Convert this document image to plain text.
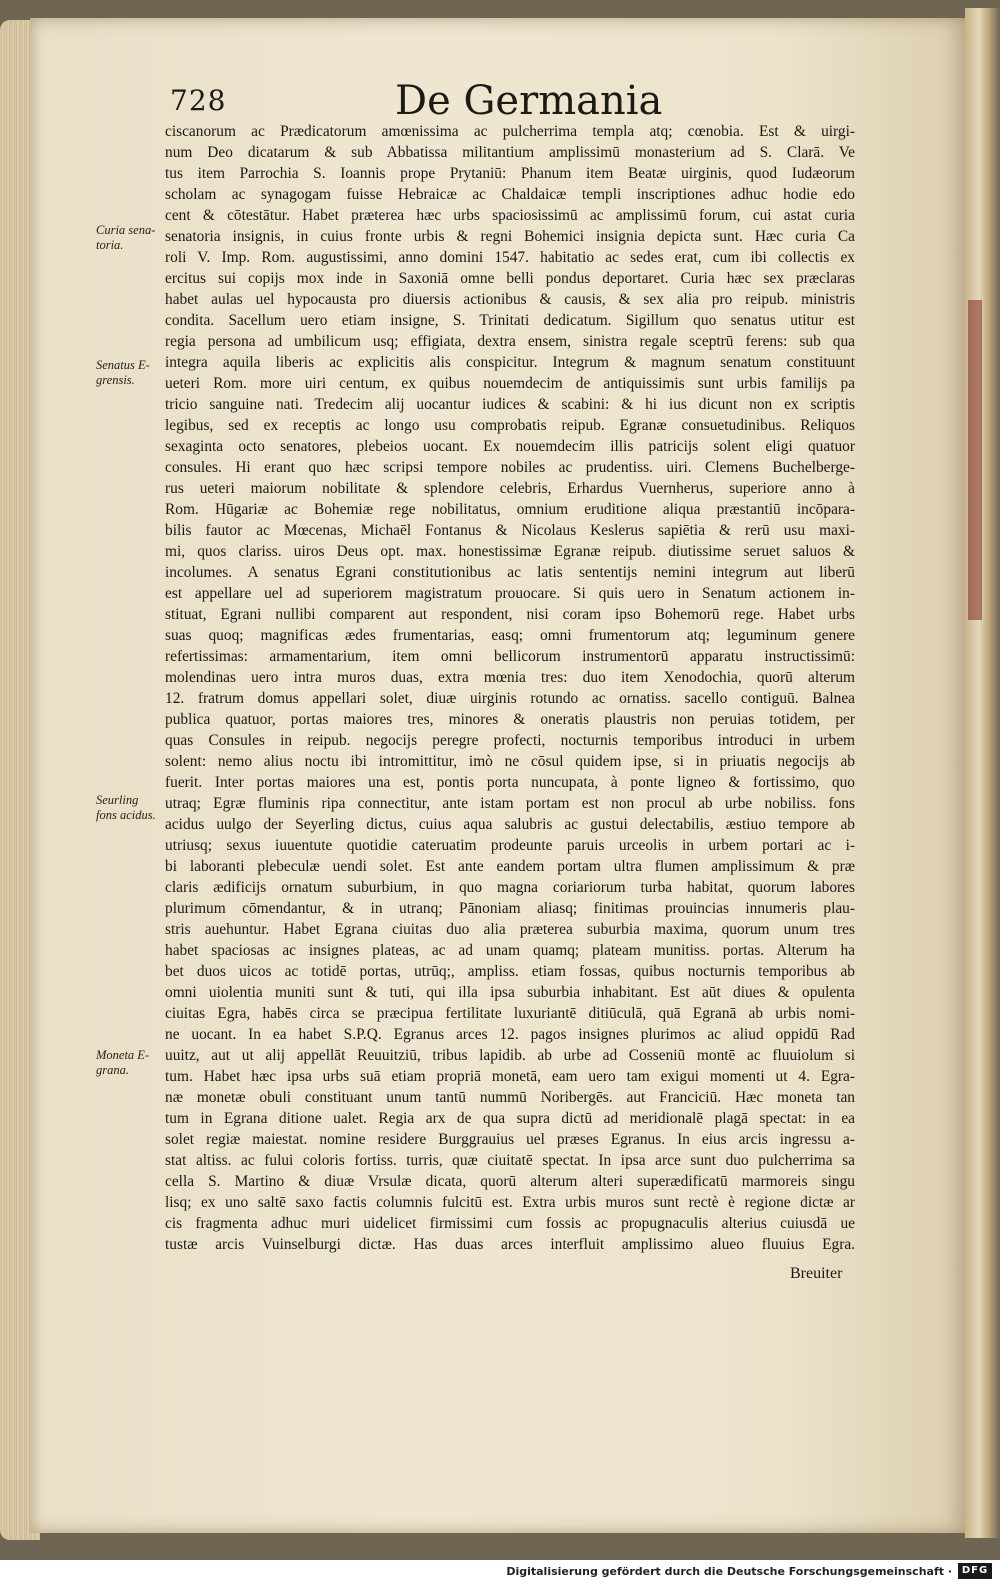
728	De Germania
Curia sena-
toria.
Senatus E-
grensis.
Seurling
fons acidus.
Moneta E-
grana.
ciscanorum ac Prædicatorum amœnissima ac pulcherrima templa atq; cœnobia. Est & uirgi-
num Deo dicatarum & sub Abbatissa militantium amplissimū monasterium ad S. Clarā. Ve
tus item Parrochia S. Ioannis prope Prytaniū: Phanum item Beatæ uirginis, quod Iudæorum
scholam ac synagogam fuisse Hebraicæ ac Chaldaicæ templi inscriptiones adhuc hodie edo
cent & cōtestātur. Habet præterea hæc urbs spaciosissimū ac amplissimū forum, cui astat curia
senatoria insignis, in cuius fronte urbis & regni Bohemici insignia depicta sunt. Hæc curia Ca
roli V. Imp. Rom. augustissimi, anno domini 1547. habitatio ac sedes erat, cum ibi collectis ex
ercitus sui copijs mox inde in Saxoniā omne belli pondus deportaret. Curia hæc sex præclaras
habet aulas uel hypocausta pro diuersis actionibus & causis, & sex alia pro reipub. ministris
condita. Sacellum uero etiam insigne, S. Trinitati dedicatum. Sigillum quo senatus utitur est
regia persona ad umbilicum usq; effigiata, dextra ensem, sinistra regale sceptrū ferens: sub qua
integra aquila liberis ac explicitis alis conspicitur. Integrum & magnum senatum constituunt
ueteri Rom. more uiri centum, ex quibus nouemdecim de antiquissimis sunt urbis familijs pa
tricio sanguine nati. Tredecim alij uocantur iudices & scabini: & hi ius dicunt non ex scriptis
legibus, sed ex receptis ac longo usu comprobatis reipub. Egranæ consuetudinibus. Reliquos
sexaginta octo senatores, plebeios uocant. Ex nouemdecim illis patricijs solent eligi quatuor
consules. Hi erant quo hæc scripsi tempore nobiles ac prudentiss. uiri. Clemens Buchelberge-
rus ueteri maiorum nobilitate & splendore celebris, Erhardus Vuernherus, superiore anno à
Rom. Hūgariæ ac Bohemiæ rege nobilitatus, omnium eruditione aliqua præstantiū incōpara-
bilis fautor ac Mœcenas, Michaēl Fontanus & Nicolaus Keslerus sapiētia & rerū usu maxi-
mi, quos clariss. uiros Deus opt. max. honestissimæ Egranæ reipub. diutissime seruet saluos &
incolumes. A senatus Egrani constitutionibus ac latis sententijs nemini integrum aut liberū
est appellare uel ad superiorem magistratum prouocare. Si quis uero in Senatum actionem in-
stituat, Egrani nullibi comparent aut respondent, nisi coram ipso Bohemorū rege. Habet urbs
suas quoq; magnificas ædes frumentarias, easq; omni frumentorum atq; leguminum genere
refertissimas: armamentarium, item omni bellicorum instrumentorū apparatu instructissimū:
molendinas uero intra muros duas, extra mœnia tres: duo item Xenodochia, quorū alterum
12. fratrum domus appellari solet, diuæ uirginis rotundo ac ornatiss. sacello contiguū. Balnea
publica quatuor, portas maiores tres, minores & oneratis plaustris non peruias totidem, per
quas Consules in reipub. negocijs peregre profecti, nocturnis temporibus introduci in urbem
solent: nemo alius noctu ibi intromittitur, imò ne cōsul quidem ipse, si in priuatis negocijs ab
fuerit. Inter portas maiores una est, pontis porta nuncupata, à ponte ligneo & fortissimo, quo
utraq; Egræ fluminis ripa connectitur, ante istam portam est non procul ab urbe nobiliss. fons
acidus uulgo der Seyerling dictus, cuius aqua salubris ac gustui delectabilis, æstiuo tempore ab
utriusq; sexus iuuentute quotidie cateruatim prodeunte paruis urceolis in urbem portari ac i-
bi laboranti plebeculæ uendi solet. Est ante eandem portam ultra flumen amplissimum & præ
claris ædificijs ornatum suburbium, in quo magna coriariorum turba habitat, quorum labores
plurimum cōmendantur, & in utranq; Pānoniam aliasq; finitimas prouincias innumeris plau-
stris auehuntur. Habet Egrana ciuitas duo alia præterea suburbia maxima, quorum unum tres
habet spaciosas ac insignes plateas, ac ad unam quamq; plateam munitiss. portas. Alterum ha
bet duos uicos ac totidē portas, utrūq;, ampliss. etiam fossas, quibus nocturnis temporibus ab
omni uiolentia muniti sunt & tuti, qui illa ipsa suburbia inhabitant. Est aūt diues & opulenta
ciuitas Egra, habēs circa se præcipua fertilitate luxuriantē ditiūculā, quā Egranā ab urbis nomi-
ne uocant. In ea habet S.P.Q. Egranus arces 12. pagos insignes plurimos ac aliud oppidū Rad
uuitz, aut ut alij appellāt Reuuitziū, tribus lapidib. ab urbe ad Cosseniū montē ac fluuiolum si
tum. Habet hæc ipsa urbs suā etiam propriā monetā, eam uero tam exigui momenti ut 4. Egra-
næ monetæ obuli constituant unum tantū nummū Noribergēs. aut Franciciū. Hæc moneta tan
tum in Egrana ditione ualet. Regia arx de qua supra dictū ad meridionalē plagā spectat: in ea
solet regiæ maiestat. nomine residere Burggrauius uel præses Egranus. In eius arcis ingressu a-
stat altiss. ac fului coloris fortiss. turris, quæ ciuitatē spectat. In ipsa arce sunt duo pulcherrima sa
cella S. Martino & diuæ Vrsulæ dicata, quorū alterum alteri superædificatū marmoreis singu
lisq; ex uno saltē saxo factis columnis fulcitū est. Extra urbis muros sunt rectè è regione dictæ ar
cis fragmenta adhuc muri uidelicet firmissimi cum fossis ac propugnaculis alterius cuiusdā ue
tustæ arcis Vuinselburgi dictæ. Has duas arces interfluit amplissimo alueo fluuius Egra.
Breuiter
Digitalisierung gefördert durch die Deutsche Forschungsgemeinschaft · DFG
